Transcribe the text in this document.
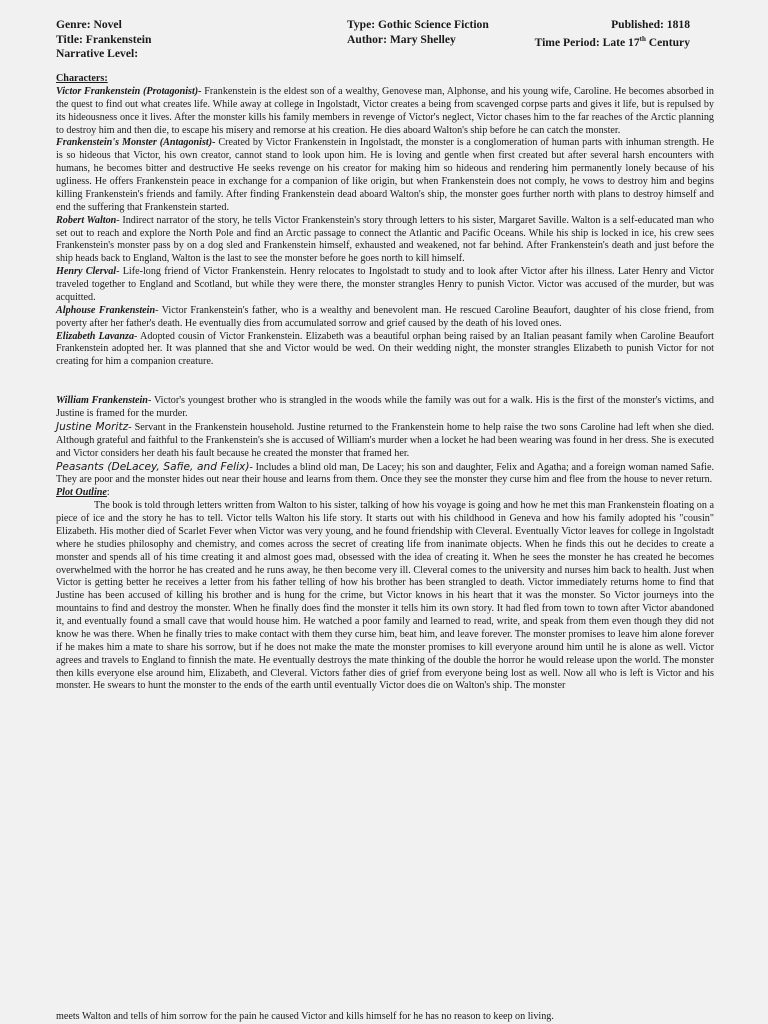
Genre: Novel
Title: Frankenstein
Narrative Level:
Type: Gothic Science Fiction
Author: Mary Shelley
Published: 1818
Time Period: Late 17th Century

Characters:

Victor Frankenstein (Protagonist)- Frankenstein is the eldest son of a wealthy, Genovese man, Alphonse, and his young wife, Caroline. He becomes absorbed in the quest to find out what creates life. While away at college in Ingolstadt, Victor creates a being from scavenged corpse parts and gives it life, but is repulsed by its hideousness once it lives. After the monster kills his family members in revenge of Victor's neglect, Victor chases him to the far reaches of the Arctic planning to destroy him and then die, to escape his misery and remorse at his creation. He dies aboard Walton's ship before he can catch the monster.

Frankenstein's Monster (Antagonist)- Created by Victor Frankenstein in Ingolstadt, the monster is a conglomeration of human parts with inhuman strength. He is so hideous that Victor, his own creator, cannot stand to look upon him. He is loving and gentle when first created but after several harsh encounters with humans, he becomes bitter and destructive He seeks revenge on his creator for making him so hideous and rendering him permanently lonely because of his ugliness. He offers Frankenstein peace in exchange for a companion of like origin, but when Frankenstein does not comply, he vows to destroy him and begins killing Frankenstein's friends and family. After finding Frankenstein dead aboard Walton's ship, the monster goes further north with plans to destroy himself and end the suffering that Frankenstein started.

Robert Walton- Indirect narrator of the story, he tells Victor Frankenstein's story through letters to his sister, Margaret Saville. Walton is a self-educated man who set out to reach and explore the North Pole and find an Arctic passage to connect the Atlantic and Pacific Oceans. While his ship is locked in ice, his crew sees Frankenstein's monster pass by on a dog sled and Frankenstein himself, exhausted and weakened, not far behind. After Frankenstein's death and just before the ship heads back to England, Walton is the last to see the monster before he goes north to kill himself.

Henry Clerval- Life-long friend of Victor Frankenstein. Henry relocates to Ingolstadt to study and to look after Victor after his illness. Later Henry and Victor traveled together to England and Scotland, but while they were there, the monster strangles Henry to punish Victor. Victor was accused of the murder, but was acquitted.

Alphouse Frankenstein- Victor Frankenstein's father, who is a wealthy and benevolent man. He rescued Caroline Beaufort, daughter of his close friend, from poverty after her father's death. He eventually dies from accumulated sorrow and grief caused by the death of his loved ones.

Elizabeth Lavanza- Adopted cousin of Victor Frankenstein. Elizabeth was a beautiful orphan being raised by an Italian peasant family when Caroline Beaufort Frankenstein adopted her. It was planned that she and Victor would be wed. On their wedding night, the monster strangles Elizabeth to punish Victor for not creating for him a companion creature.

William Frankenstein- Victor's youngest brother who is strangled in the woods while the family was out for a walk. His is the first of the monster's victims, and Justine is framed for the murder.

Justine Moritz- Servant in the Frankenstein household. Justine returned to the Frankenstein home to help raise the two sons Caroline had left when she died. Although grateful and faithful to the Frankenstein's she is accused of William's murder when a locket he had been wearing was found in her dress. She is executed and Victor considers her death his fault because he created the monster that framed her.

Peasants (DeLacey, Safie, and Felix)- Includes a blind old man, De Lacey; his son and daughter, Felix and Agatha; and a foreign woman named Safie. They are poor and the monster hides out near their house and learns from them. Once they see the monster they curse him and flee from the house to never return.

Plot Outline:

The book is told through letters written from Walton to his sister, talking of how his voyage is going and how he met this man Frankenstein floating on a piece of ice and the story he has to tell. Victor tells Walton his life story. It starts out with his childhood in Geneva and how his family adopted his "cousin" Elizabeth. His mother died of Scarlet Fever when Victor was very young, and he found friendship with Cleveral. Eventually Victor leaves for college in Ingolstadt where he studies philosophy and chemistry, and comes across the secret of creating life from inanimate objects. When he finds this out he decides to create a monster and spends all of his time creating it and almost goes mad, obsessed with the idea of creating it. When he sees the monster he has created he becomes overwhelmed with the horror he has created and he runs away, he then become very ill. Cleveral comes to the university and nurses him back to health. Just when Victor is getting better he receives a letter from his father telling of how his brother has been strangled to death. Victor immediately returns home to find that Justine has been accused of killing his brother and is hung for the crime, but Victor knows in his heart that it was the monster. So Victor journeys into the mountains to find and destroy the monster. When he finally does find the monster it tells him its own story. It had fled from town to town after Victor abandoned it, and eventually found a small cave that would house him. He watched a poor family and learned to read, write, and speak from them even though they did not know he was there. When he finally tries to make contact with them they curse him, beat him, and leave forever. The monster promises to leave him alone forever if he makes him a mate to share his sorrow, but if he does not make the mate the monster promises to kill everyone around him until he is alone as well. Victor agrees and travels to England to finnish the mate. He eventually destroys the mate thinking of the double the horror he would release upon the world. The monster then kills everyone else around him, Elizabeth, and Cleveral. Victors father dies of grief from everyone being lost as well. Now all who is left is Victor and his monster. He swears to hunt the monster to the ends of the earth until eventually Victor does die on Walton's ship. The monster

meets Walton and tells of him sorrow for the pain he caused Victor and kills himself for he has no reason to keep on living.
